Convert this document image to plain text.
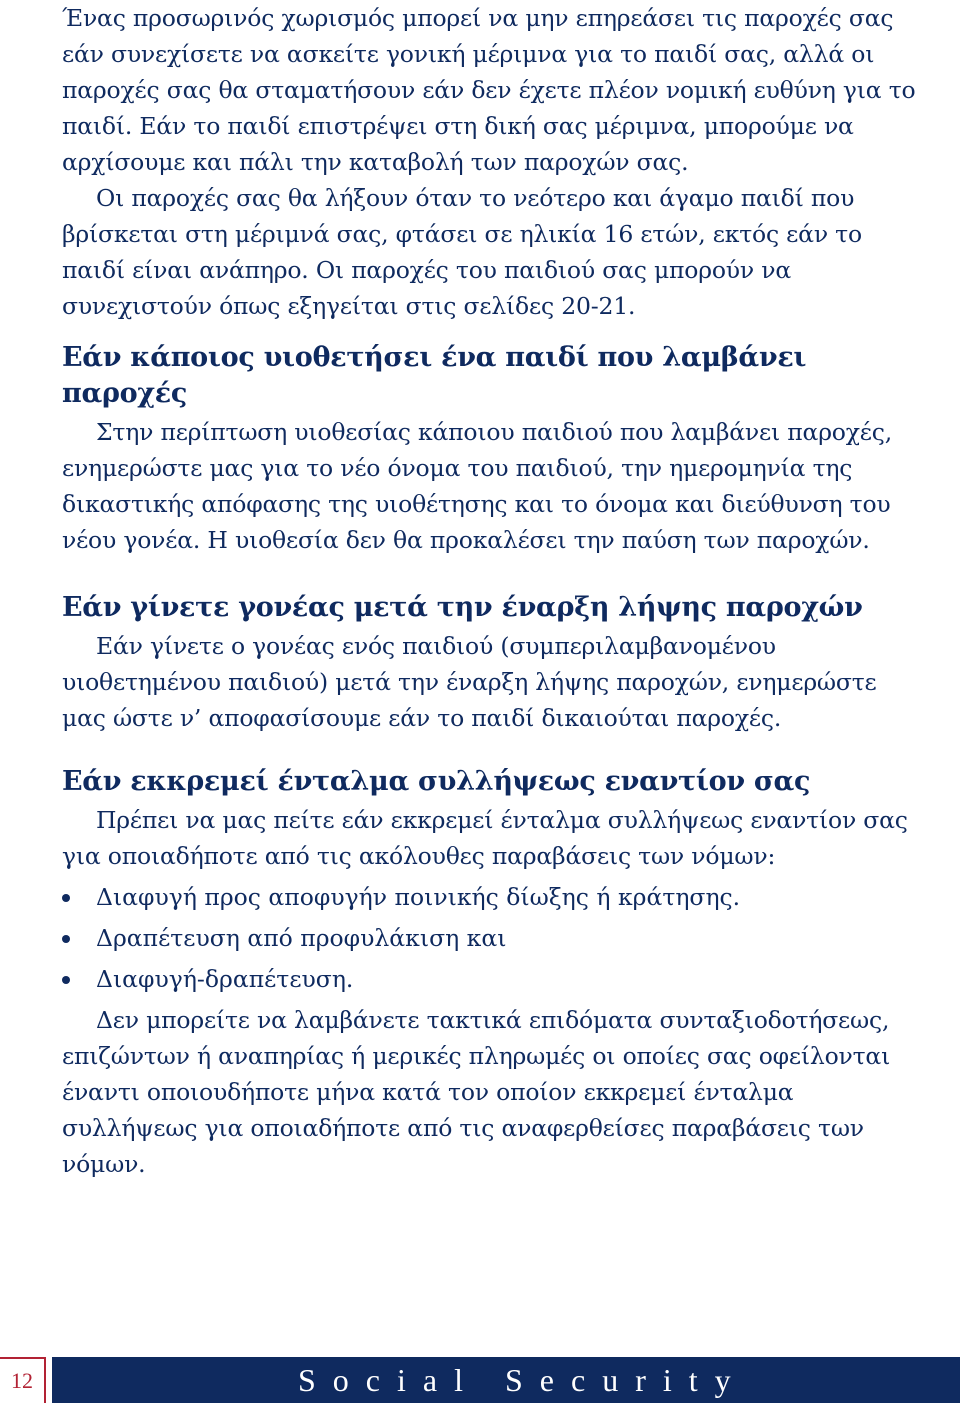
Ένας προσωρινός χωρισμός μπορεί να μην επηρεάσει τις παροχές σας εάν συνεχίσετε να ασκείτε γονική μέριμνα για το παιδί σας, αλλά οι παροχές σας θα σταματήσουν εάν δεν έχετε πλέον νομική ευθύνη για το παιδί. Εάν το παιδί επιστρέψει στη δική σας μέριμνα, μπορούμε να αρχίσουμε και πάλι την καταβολή των παροχών σας.

Οι παροχές σας θα λήξουν όταν το νεότερο και άγαμο παιδί που βρίσκεται στη μέριμνά σας, φτάσει σε ηλικία 16 ετών, εκτός εάν το παιδί είναι ανάπηρο. Οι παροχές του παιδιού σας μπορούν να συνεχιστούν όπως εξηγείται στις σελίδες 20-21.

Εάν κάποιος υιοθετήσει ένα παιδί που λαμβάνει παροχές

Στην περίπτωση υιοθεσίας κάποιου παιδιού που λαμβάνει παροχές, ενημερώστε μας για το νέο όνομα του παιδιού, την ημερομηνία της δικαστικής απόφασης της υιοθέτησης και το όνομα και διεύθυνση του νέου γονέα. Η υιοθεσία δεν θα προκαλέσει την παύση των παροχών.

Εάν γίνετε γονέας μετά την έναρξη λήψης παροχών

Εάν γίνετε ο γονέας ενός παιδιού (συμπεριλαμβανομένου υιοθετημένου παιδιού) μετά την έναρξη λήψης παροχών, ενημερώστε μας ώστε ν’ αποφασίσουμε εάν το παιδί δικαιούται παροχές.

Εάν εκκρεμεί ένταλμα συλλήψεως εναντίον σας

Πρέπει να μας πείτε εάν εκκρεμεί ένταλμα συλλήψεως εναντίον σας για οποιαδήποτε από τις ακόλουθες παραβάσεις των νόμων:

Διαφυγή προς αποφυγήν ποινικής δίωξης ή κράτησης.
Δραπέτευση από προφυλάκιση και
Διαφυγή-δραπέτευση.

Δεν μπορείτε να λαμβάνετε τακτικά επιδόματα συνταξιοδοτήσεως, επιζώντων ή αναπηρίας ή μερικές πληρωμές οι οποίες σας οφείλονται έναντι οποιουδήποτε μήνα κατά τον οποίον εκκρεμεί ένταλμα συλλήψεως για οποιαδήποτε από τις αναφερθείσες παραβάσεις των νόμων.

12	Social Security
